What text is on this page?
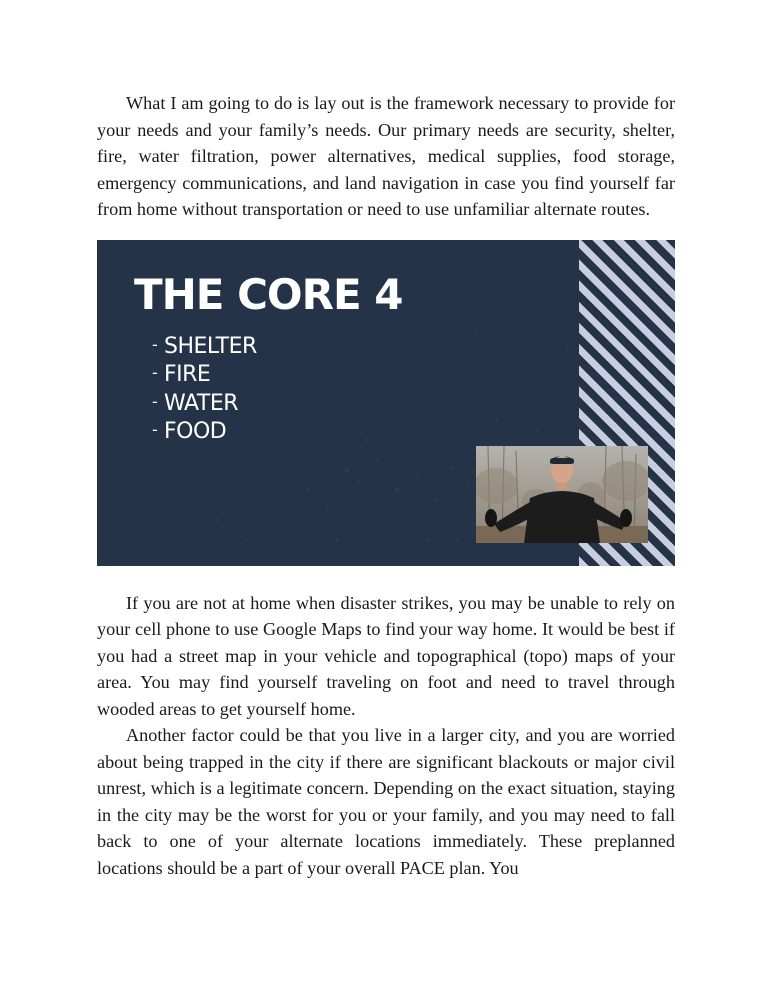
What I am going to do is lay out is the framework necessary to provide for your needs and your family’s needs. Our primary needs are security, shelter, fire, water filtration, power alternatives, medical supplies, food storage, emergency communications, and land navigation in case you find yourself far from home without transportation or need to use unfamiliar alternate routes.

THE CORE 4
- SHELTER
- FIRE
- WATER
- FOOD

If you are not at home when disaster strikes, you may be unable to rely on your cell phone to use Google Maps to find your way home. It would be best if you had a street map in your vehicle and topographical (topo) maps of your area. You may find yourself traveling on foot and need to travel through wooded areas to get yourself home.

Another factor could be that you live in a larger city, and you are worried about being trapped in the city if there are significant blackouts or major civil unrest, which is a legitimate concern. Depending on the exact situation, staying in the city may be the worst for you or your family, and you may need to fall back to one of your alternate locations immediately. These preplanned locations should be a part of your overall PACE plan. You
